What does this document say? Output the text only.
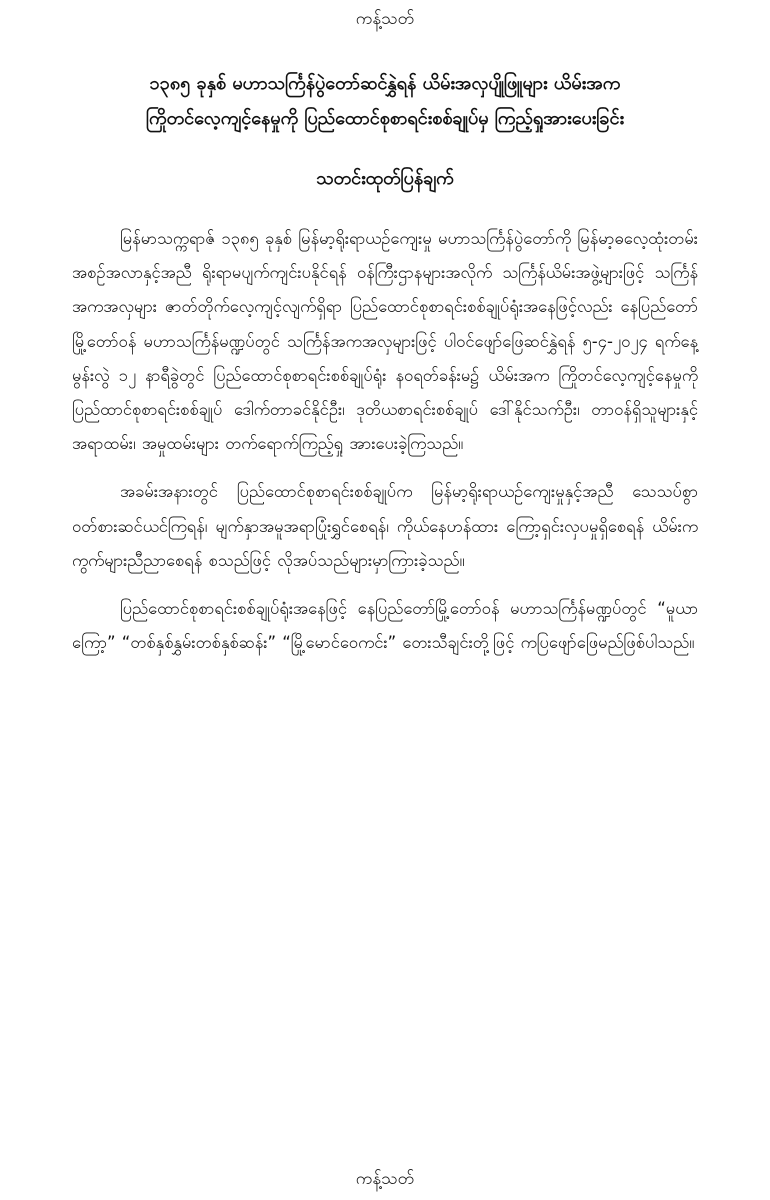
ကန့်သတ်
၁၃၈၅ ခုနှစ် မဟာသင်္ကြန်ပွဲတော်ဆင်နွှဲရန် ယိမ်းအလှပျိုဖြူများ ယိမ်းအက
ကြိုတင်လေ့ကျင့်နေမှုကို ပြည်ထောင်စုစာရင်းစစ်ချုပ်မှ ကြည့်ရှုအားပေးခြင်း
သတင်းထုတ်ပြန်ချက်

မြန်မာသက္ကရာဇ် ၁၃၈၅ ခုနှစ် မြန်မာ့ရိုးရာယဉ်ကျေးမှု မဟာသင်္ကြန်ပွဲတော်ကို မြန်မာ့ဓလေ့ထုံးတမ်းအစဉ်အလာနှင့်အညီ ရိုးရာမပျက်ကျင်းပနိုင်ရန် ဝန်ကြီးဌာနများအလိုက် သင်္ကြန်ယိမ်းအဖွဲ့များဖြင့် သင်္ကြန်အကအလှများ ဇာတ်တိုက်လေ့ကျင့်လျက်ရှိရာ ပြည်ထောင်စုစာရင်းစစ်ချုပ်ရုံးအနေဖြင့်လည်း နေပြည်တော်မြို့တော်ဝန် မဟာသင်္ကြန်မဏ္ဍပ်တွင် သင်္ကြန်အကအလှများဖြင့် ပါဝင်ဖျော်ဖြေဆင်နွှဲရန် ၅-၄-၂၀၂၄ ရက်နေ့ မွန်းလွဲ ၁၂ နာရီခွဲတွင် ပြည်ထောင်စုစာရင်းစစ်ချုပ်ရုံး န၀ရတ်ခန်းမ၌ ယိမ်းအက ကြိုတင်လေ့ကျင့်နေမှုကို ပြည်ထာင်စုစာရင်းစစ်ချုပ် ဒေါက်တာခင်နိုင်ဦး၊ ဒုတိယစာရင်းစစ်ချုပ် ဒေါ်နိုင်သက်ဦး၊ တာဝန်ရှိသူများနှင့် အရာထမ်း၊ အမှုထမ်းများ တက်ရောက်ကြည့်ရှု အားပေးခဲ့ကြသည်။

အခမ်းအနားတွင် ပြည်ထောင်စုစာရင်းစစ်ချုပ်က မြန်မာ့ရိုးရာယဉ်ကျေးမှုနှင့်အညီ သေသပ်စွာဝတ်စားဆင်ယင်ကြရန်၊ မျက်နှာအမူအရာပြုံးရွှင်စေရန်၊ ကိုယ်နေဟန်ထား ကြော့ရှင်းလှပမှုရှိစေရန် ယိမ်းကကွက်များညီညာစေရန် စသည်ဖြင့် လိုအပ်သည်များမှာကြားခဲ့သည်။

ပြည်ထောင်စုစာရင်းစစ်ချုပ်ရုံးအနေဖြင့် နေပြည်တော်မြို့တော်ဝန် မဟာသင်္ကြန်မဏ္ဍပ်တွင် “မူယာကြော့” “တစ်နှစ်နွှမ်းတစ်နှစ်ဆန်း” “မြို့မောင်ဝေကင်း” တေးသီချင်းတို့ဖြင့် ကပြဖျော်ဖြေမည်ဖြစ်ပါသည်။

ကန့်သတ်
